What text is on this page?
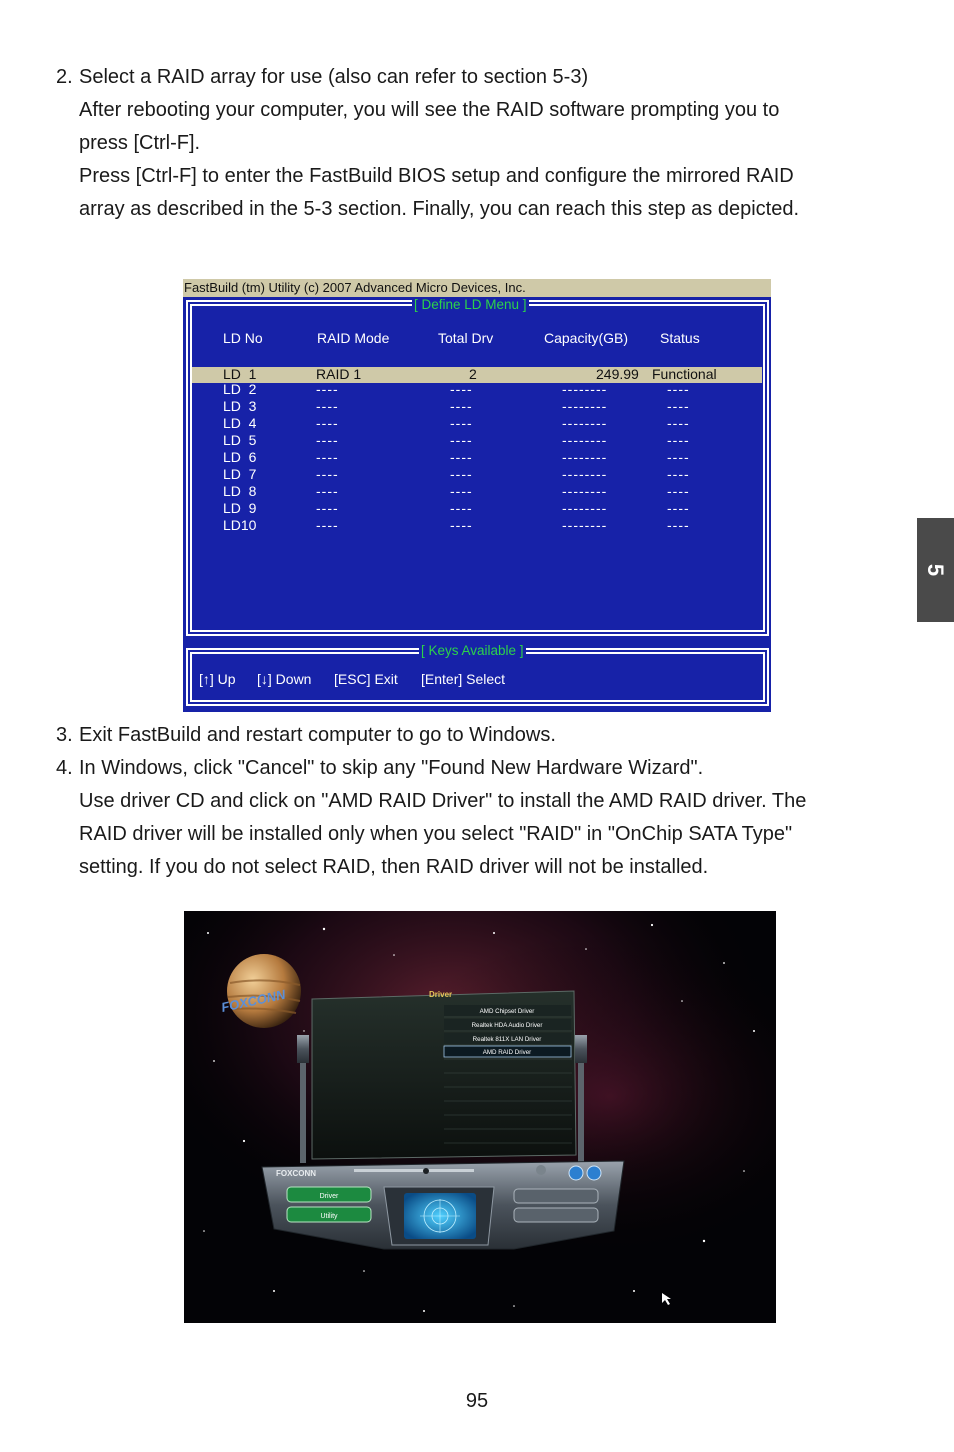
2. Select a RAID array for use (also can refer to section 5-3)
After rebooting your computer, you will see the RAID software prompting you to
press [Ctrl-F].
Press [Ctrl-F] to enter the FastBuild BIOS setup and configure the mirrored RAID
array as described in the 5-3 section. Finally, you can reach this step as depicted.
FastBuild (tm) Utility (c) 2007 Advanced Micro Devices, Inc.
[ Define LD Menu ]
LD No	RAID Mode	Total Drv	Capacity(GB) Status
LD  1	RAID 1	2	249.99 Functional
LD  2	----	----	--------	----
LD  3	----	----	--------	----
LD  4	----	----	--------	----
LD  5	----	----	--------	----
LD  6	----	----	--------	----
LD  7	----	----	--------	----
LD  8	----	----	--------	----
LD  9	----	----	--------	----
LD10	----	----	--------	----
[ Keys Available ]
[↑] Up [↓] Down [ESC] Exit [Enter] Select
3. Exit FastBuild and restart computer to go to Windows.
4. In Windows, click "Cancel" to skip any "Found New Hardware Wizard".
Use driver CD and click on "AMD RAID Driver" to install the AMD RAID driver. The
RAID driver will be installed only when you select "RAID" in "OnChip SATA Type"
setting. If you do not select RAID, then RAID driver will not be installed.
FOXCONN	Driver
AMD Chipset Driver
Realtek HDA Audio Driver
Realtek 811X LAN Driver
AMD RAID Driver
FOXCONN
Driver
Utility
5
95
